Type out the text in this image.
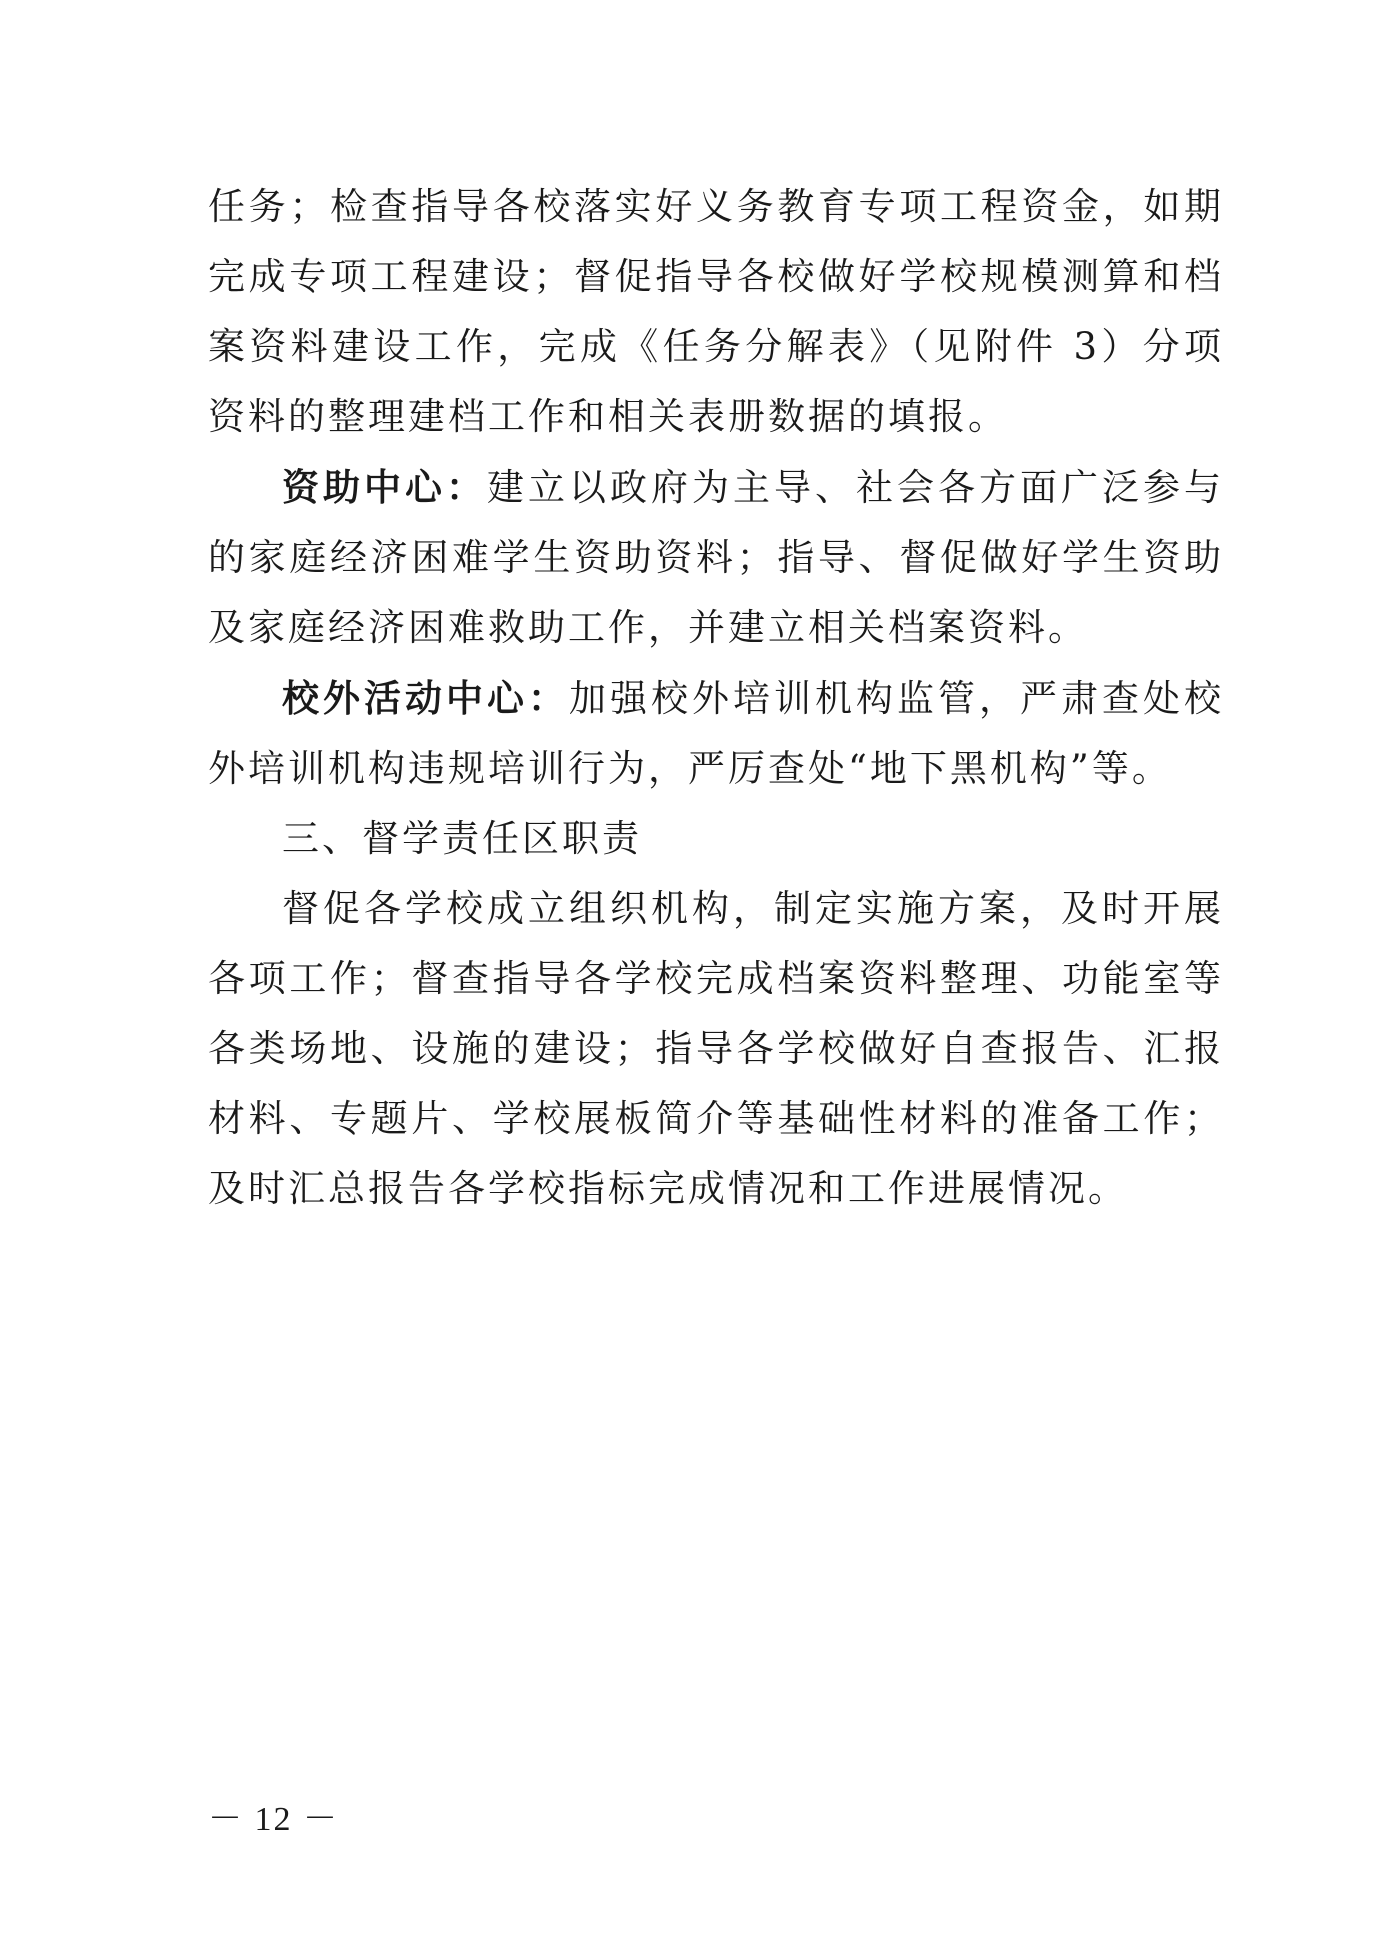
任务；检查指导各校落实好义务教育专项工程资金，如期完成专项工程建设；督促指导各校做好学校规模测算和档案资料建设工作，完成《任务分解表》（见附件 3）分项资料的整理建档工作和相关表册数据的填报。

资助中心：建立以政府为主导、社会各方面广泛参与的家庭经济困难学生资助资料；指导、督促做好学生资助及家庭经济困难救助工作，并建立相关档案资料。

校外活动中心：加强校外培训机构监管，严肃查处校外培训机构违规培训行为，严厉查处“地下黑机构”等。

三、督学责任区职责

督促各学校成立组织机构，制定实施方案，及时开展各项工作；督查指导各学校完成档案资料整理、功能室等各类场地、设施的建设；指导各学校做好自查报告、汇报材料、专题片、学校展板简介等基础性材料的准备工作；及时汇总报告各学校指标完成情况和工作进展情况。

－ 12 －
